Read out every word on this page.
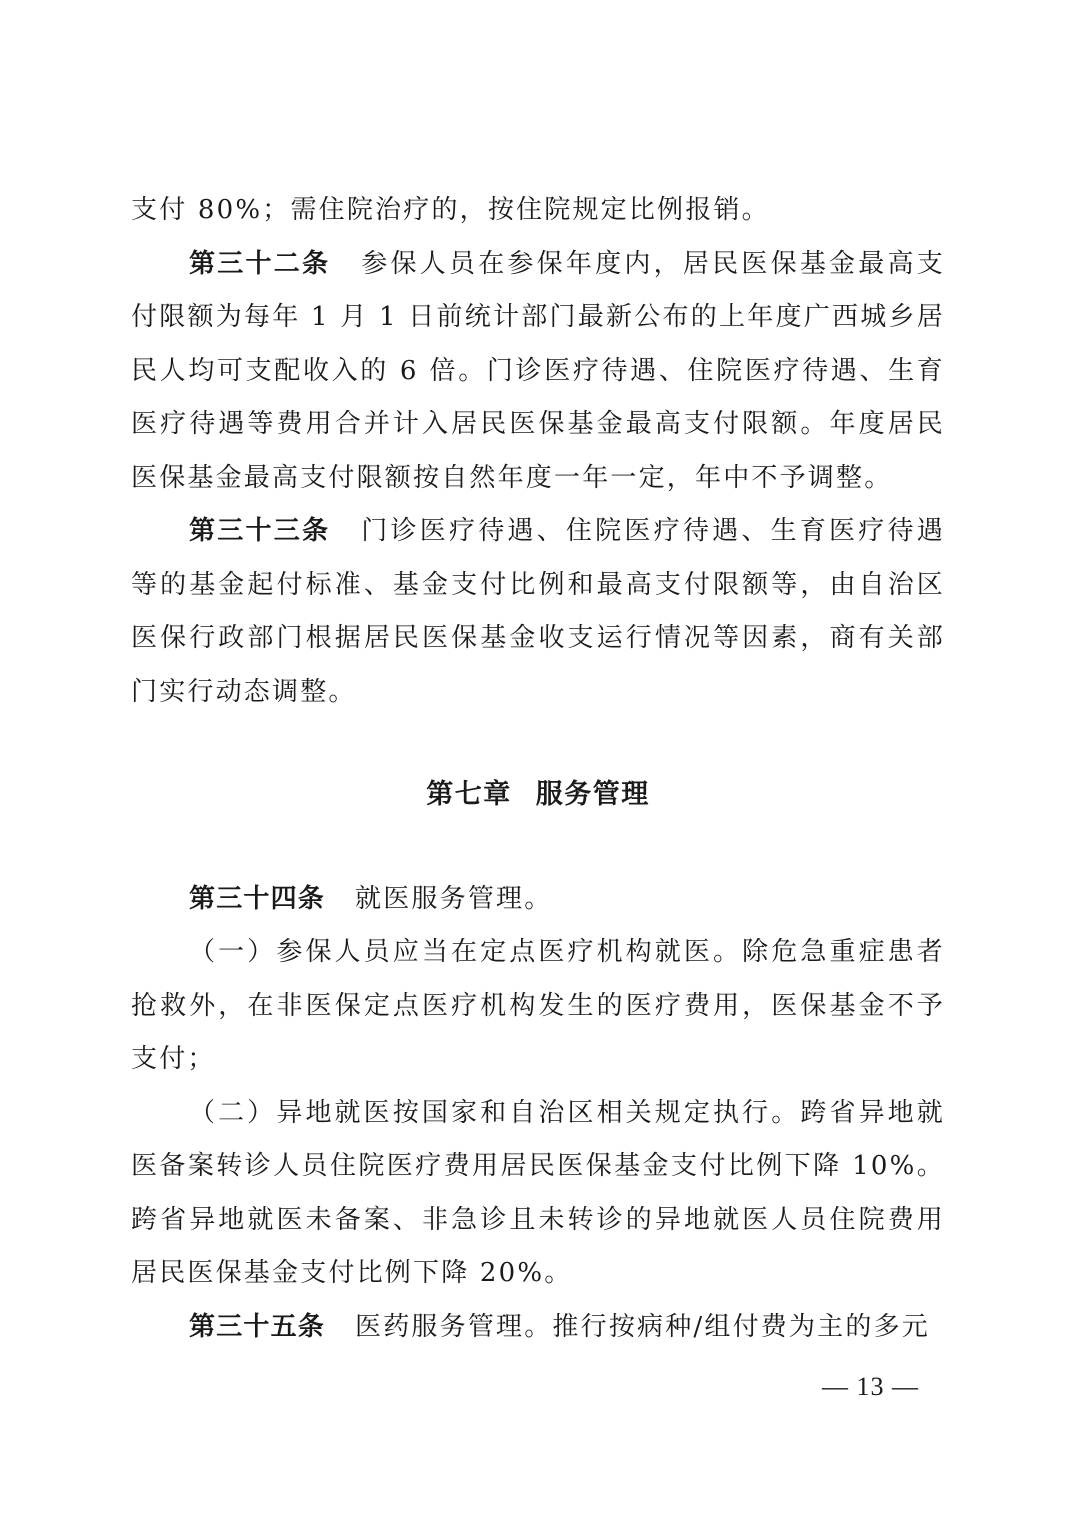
支付 80%；需住院治疗的，按住院规定比例报销。

第三十二条 参保人员在参保年度内，居民医保基金最高支付限额为每年 1 月 1 日前统计部门最新公布的上年度广西城乡居民人均可支配收入的 6 倍。门诊医疗待遇、住院医疗待遇、生育医疗待遇等费用合并计入居民医保基金最高支付限额。年度居民医保基金最高支付限额按自然年度一年一定，年中不予调整。

第三十三条 门诊医疗待遇、住院医疗待遇、生育医疗待遇等的基金起付标准、基金支付比例和最高支付限额等，由自治区医保行政部门根据居民医保基金收支运行情况等因素，商有关部门实行动态调整。

第七章 服务管理

第三十四条 就医服务管理。

（一）参保人员应当在定点医疗机构就医。除危急重症患者抢救外，在非医保定点医疗机构发生的医疗费用，医保基金不予支付；

（二）异地就医按国家和自治区相关规定执行。跨省异地就医备案转诊人员住院医疗费用居民医保基金支付比例下降 10%。跨省异地就医未备案、非急诊且未转诊的异地就医人员住院费用居民医保基金支付比例下降 20%。

第三十五条 医药服务管理。推行按病种/组付费为主的多元

— 13 —
